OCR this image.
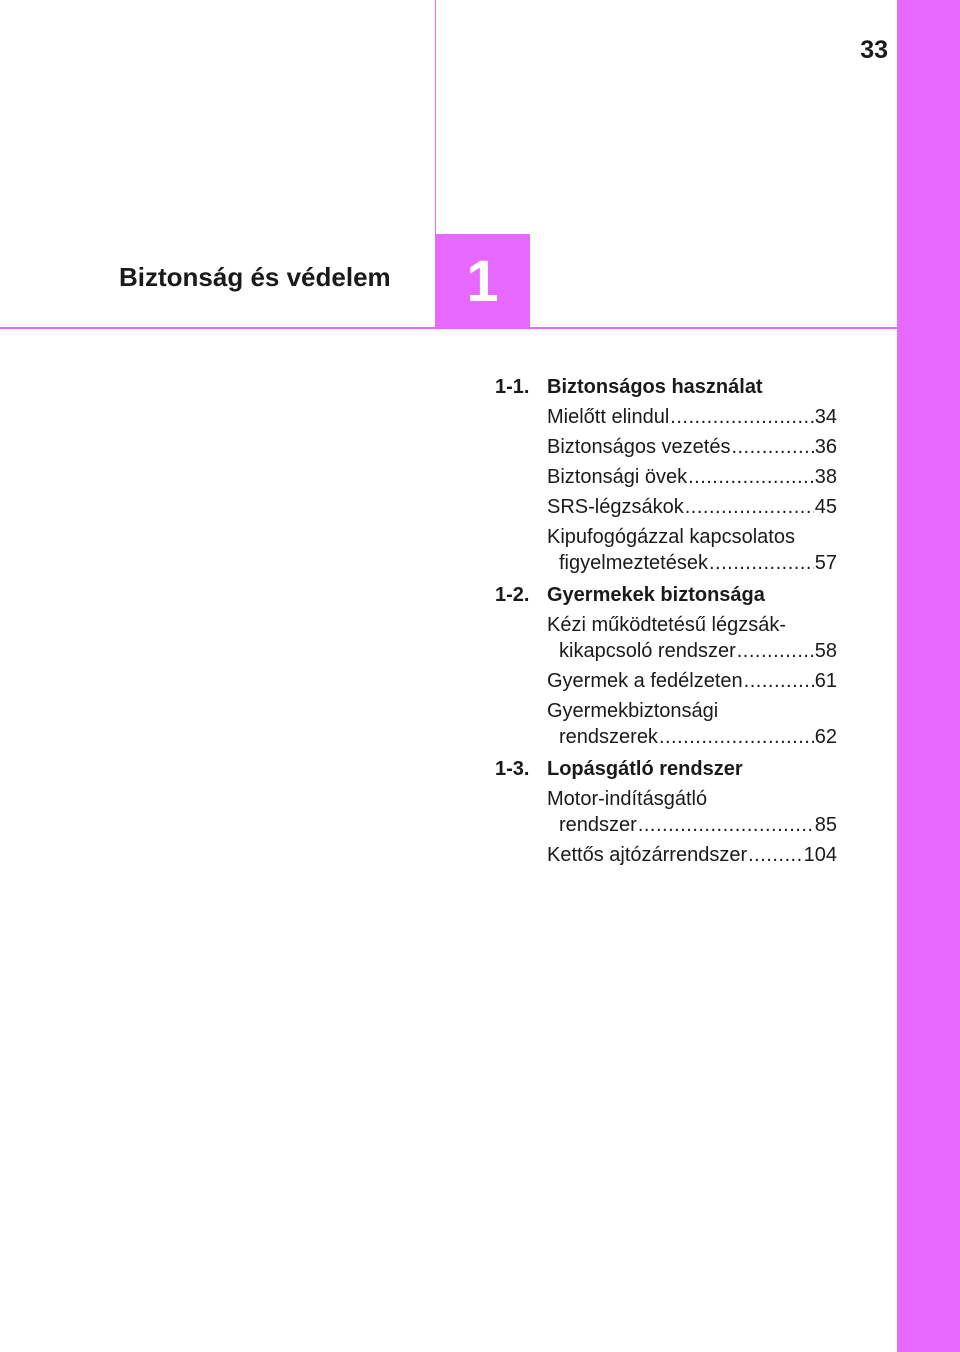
33
1
Biztonság és védelem
1-1. Biztonságos használat
Mielőtt elindul .....	34
Biztonságos vezetés .....	36
Biztonsági övek .....	38
SRS-légzsákok .....	45
Kipufogógázzal kapcsolatos
figyelmeztetések .....	57
1-2. Gyermekek biztonsága
Kézi működtetésű légzsák-
kikapcsoló rendszer .....	58
Gyermek a fedélzeten .....	61
Gyermekbiztonsági
rendszerek .....	62
1-3. Lopásgátló rendszer
Motor-indításgátló
rendszer .....	85
Kettős ajtózárrendszer .....	104
